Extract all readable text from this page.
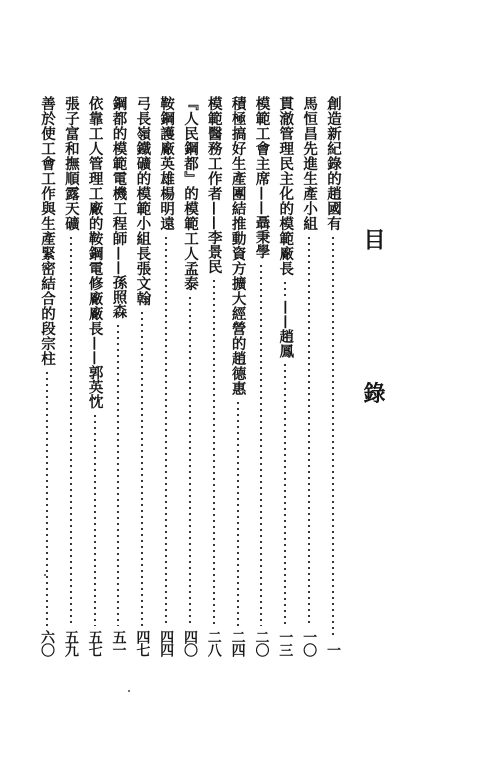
目 錄
創造新紀錄的趙國有
一
馬恒昌先進生產小組
一〇
貫澈管理民主化的模範廠長
——趙鳳
一三
模範工會主席
——聶秉學
二〇
積極搞好生產團結推動資方擴大經營的趙德惠
二四
模範醫務工作者
——李景民
二八
『人民鋼都』的模範工人孟泰
四〇
鞍鋼護廠英雄楊明遠
四四
弓長嶺鐵礦的模範小組長張文翰
四七
鋼都的模範電機工程師
——孫照森
五一
依靠工人管理工廠的鞍鋼電修廠廠長
——郭英忱
五七
張子富和撫順露天礦
五九
善於使工會工作與生產緊密結合的段宗柱
六〇
